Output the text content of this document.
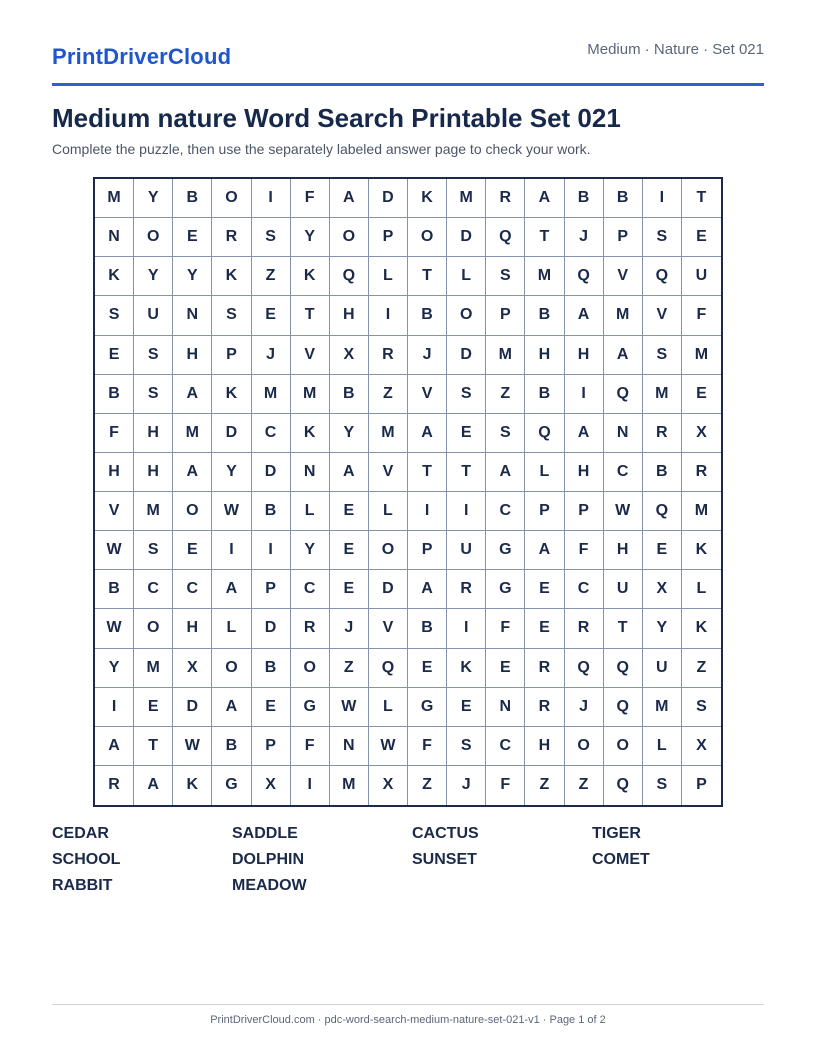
PrintDriverCloud	Medium · Nature · Set 021
Medium nature Word Search Printable Set 021
Complete the puzzle, then use the separately labeled answer page to check your work.
M	Y	B	O	I	F	A	D	K	M	R	A	B	B	I	T
N	O	E	R	S	Y	O	P	O	D	Q	T	J	P	S	E
K	Y	Y	K	Z	K	Q	L	T	L	S	M	Q	V	Q	U
S	U	N	S	E	T	H	I	B	O	P	B	A	M	V	F
E	S	H	P	J	V	X	R	J	D	M	H	H	A	S	M
B	S	A	K	M	M	B	Z	V	S	Z	B	I	Q	M	E
F	H	M	D	C	K	Y	M	A	E	S	Q	A	N	R	X
H	H	A	Y	D	N	A	V	T	T	A	L	H	C	B	R
V	M	O	W	B	L	E	L	I	I	C	P	P	W	Q	M
W	S	E	I	I	Y	E	O	P	U	G	A	F	H	E	K
B	C	C	A	P	C	E	D	A	R	G	E	C	U	X	L
W	O	H	L	D	R	J	V	B	I	F	E	R	T	Y	K
Y	M	X	O	B	O	Z	Q	E	K	E	R	Q	Q	U	Z
I	E	D	A	E	G	W	L	G	E	N	R	J	Q	M	S
A	T	W	B	P	F	N	W	F	S	C	H	O	O	L	X
R	A	K	G	X	I	M	X	Z	J	F	Z	Z	Q	S	P
CEDAR	SADDLE	CACTUS	TIGER
SCHOOL	DOLPHIN	SUNSET	COMET
RABBIT	MEADOW
PrintDriverCloud.com · pdc-word-search-medium-nature-set-021-v1 · Page 1 of 2
